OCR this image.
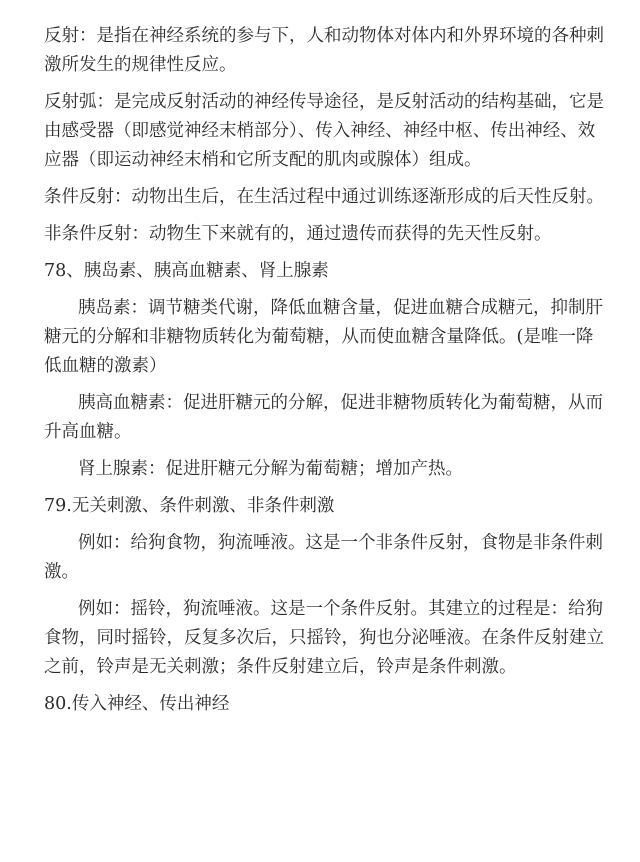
反射：是指在神经系统的参与下，人和动物体对体内和外界环境的各种刺
激所发生的规律性反应。
反射弧：是完成反射活动的神经传导途径，是反射活动的结构基础，它是
由感受器（即感觉神经末梢部分）、传入神经、神经中枢、传出神经、效
应器（即运动神经末梢和它所支配的肌肉或腺体）组成。
条件反射：动物出生后，在生活过程中通过训练逐渐形成的后天性反射。
非条件反射：动物生下来就有的，通过遗传而获得的先天性反射。
78、胰岛素、胰高血糖素、肾上腺素
胰岛素：调节糖类代谢，降低血糖含量，促进血糖合成糖元，抑制肝
糖元的分解和非糖物质转化为葡萄糖，从而使血糖含量降低。(是唯一降
低血糖的激素）
胰高血糖素：促进肝糖元的分解，促进非糖物质转化为葡萄糖，从而
升高血糖。
肾上腺素：促进肝糖元分解为葡萄糖；增加产热。
79.无关刺激、条件刺激、非条件刺激
例如：给狗食物，狗流唾液。这是一个非条件反射，食物是非条件刺
激。
例如：摇铃，狗流唾液。这是一个条件反射。其建立的过程是：给狗
食物，同时摇铃，反复多次后，只摇铃，狗也分泌唾液。在条件反射建立
之前，铃声是无关刺激；条件反射建立后，铃声是条件刺激。
80.传入神经、传出神经
